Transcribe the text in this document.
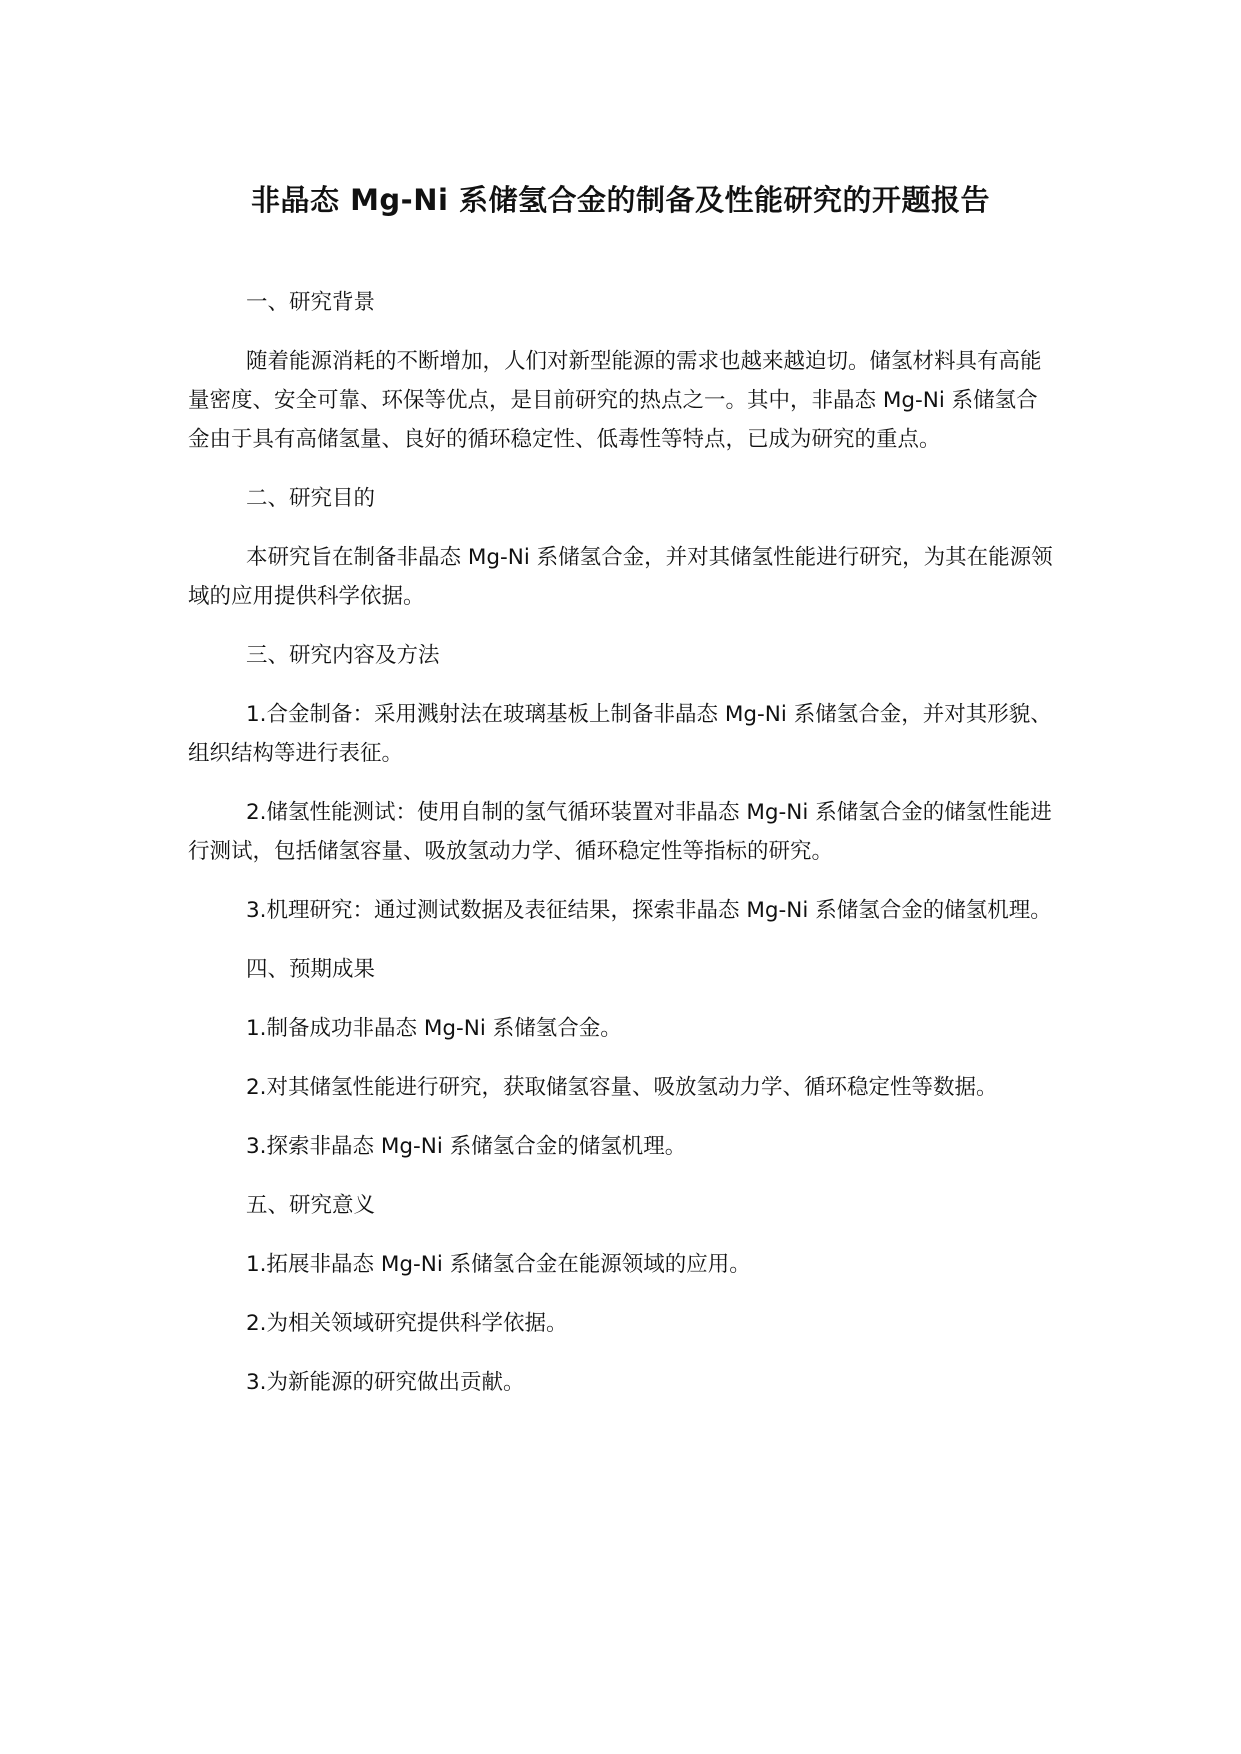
非晶态 Mg-Ni 系储氢合金的制备及性能研究的开题报告

一、研究背景

随着能源消耗的不断增加，人们对新型能源的需求也越来越迫切。储氢材料具有高能量密度、安全可靠、环保等优点，是目前研究的热点之一。其中，非晶态 Mg-Ni 系储氢合金由于具有高储氢量、良好的循环稳定性、低毒性等特点，已成为研究的重点。

二、研究目的

本研究旨在制备非晶态 Mg-Ni 系储氢合金，并对其储氢性能进行研究，为其在能源领域的应用提供科学依据。

三、研究内容及方法

1.合金制备：采用溅射法在玻璃基板上制备非晶态 Mg-Ni 系储氢合金，并对其形貌、组织结构等进行表征。

2.储氢性能测试：使用自制的氢气循环装置对非晶态 Mg-Ni 系储氢合金的储氢性能进行测试，包括储氢容量、吸放氢动力学、循环稳定性等指标的研究。

3.机理研究：通过测试数据及表征结果，探索非晶态 Mg-Ni 系储氢合金的储氢机理。

四、预期成果

1.制备成功非晶态 Mg-Ni 系储氢合金。

2.对其储氢性能进行研究，获取储氢容量、吸放氢动力学、循环稳定性等数据。

3.探索非晶态 Mg-Ni 系储氢合金的储氢机理。

五、研究意义

1.拓展非晶态 Mg-Ni 系储氢合金在能源领域的应用。

2.为相关领域研究提供科学依据。

3.为新能源的研究做出贡献。
